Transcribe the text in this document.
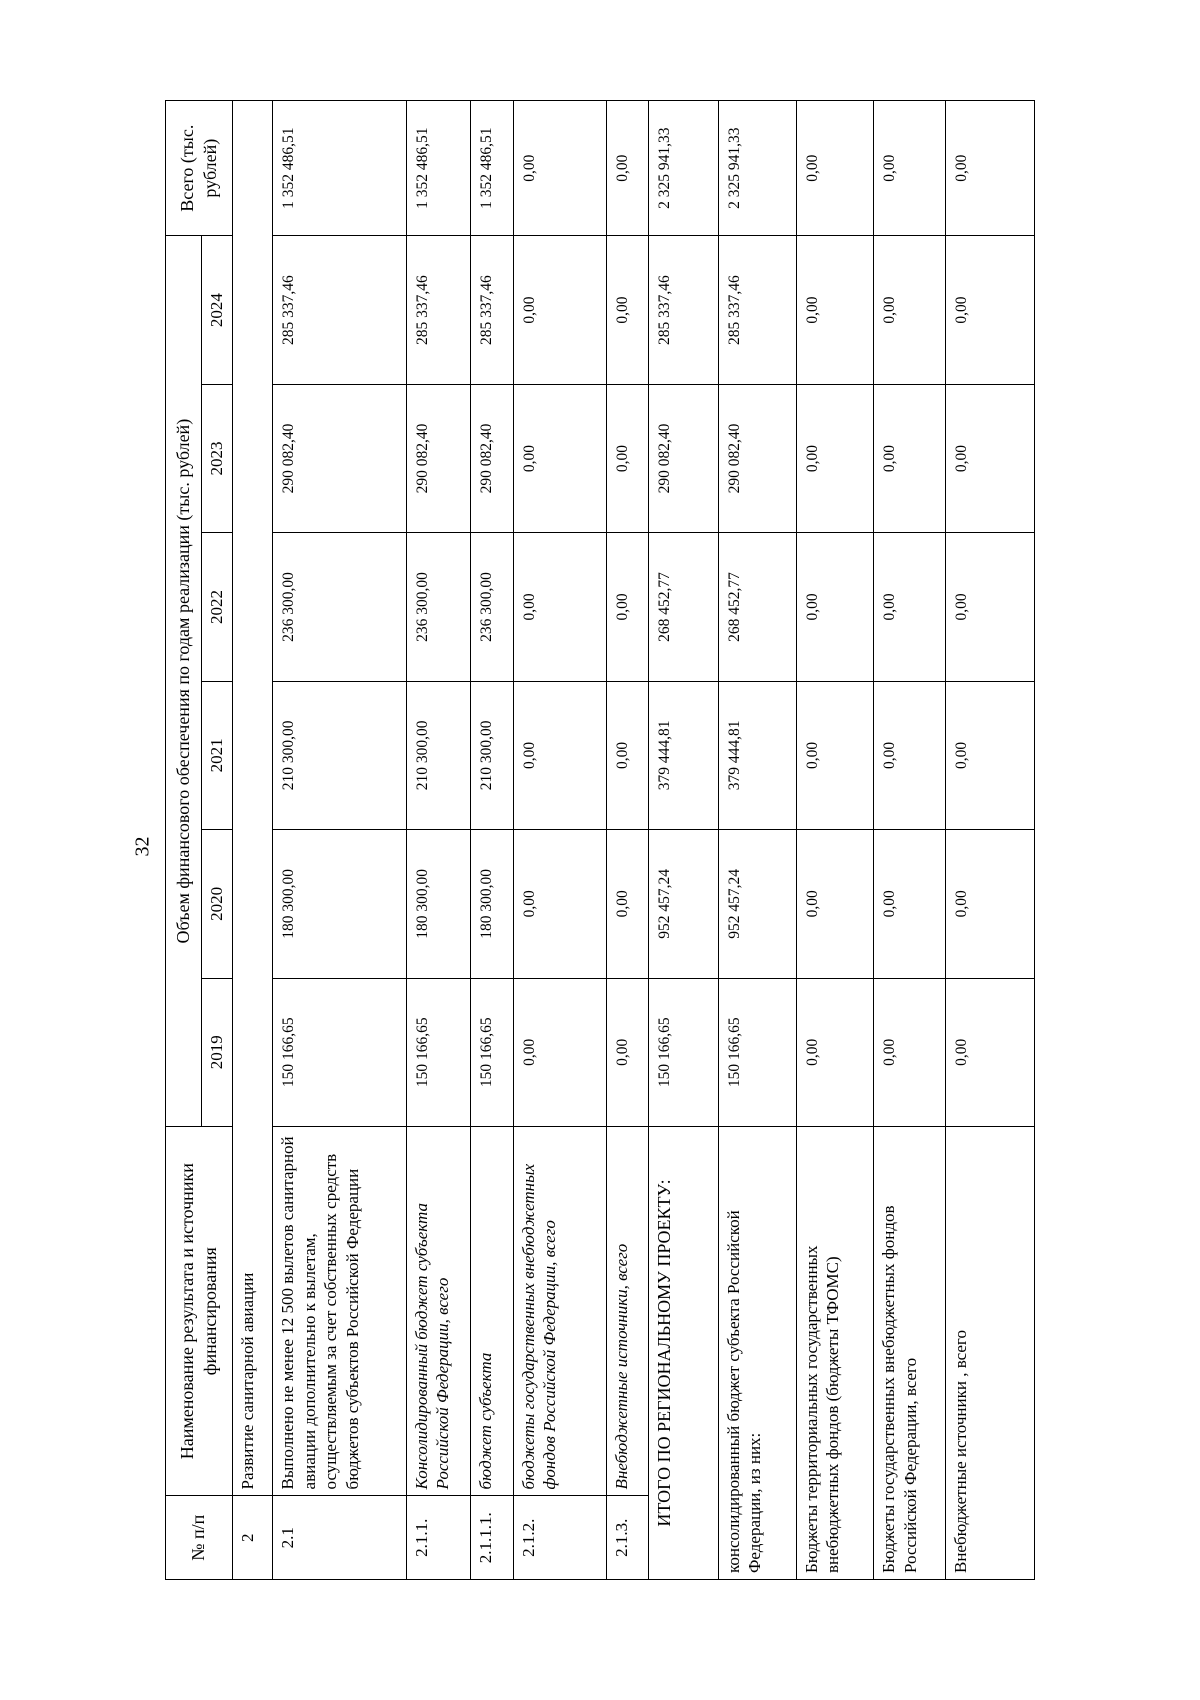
32
№ п/п	Наименование результата и источники финансирования	Объем финансового обеспечения по годам реализации (тыс. рублей)						Всего (тыс. рублей)
		2019	2020	2021	2022	2023	2024	
2	Развитие санитарной авиации							
2.1	Выполнено не менее 12 500 вылетов санитарной авиации дополнительно к вылетам, осуществляемым за счет собственных средств бюджетов субъектов Российской Федерации	150 166,65	180 300,00	210 300,00	236 300,00	290 082,40	285 337,46	1 352 486,51
2.1.1.	Консолидированный бюджет субъекта Российской Федерации, всего	150 166,65	180 300,00	210 300,00	236 300,00	290 082,40	285 337,46	1 352 486,51
2.1.1.1.	бюджет субъекта	150 166,65	180 300,00	210 300,00	236 300,00	290 082,40	285 337,46	1 352 486,51
2.1.2.	бюджеты государственных внебюджетных фондов Российской Федерации, всего	0,00	0,00	0,00	0,00	0,00	0,00	0,00
2.1.3.	Внебюджетные источники, всего	0,00	0,00	0,00	0,00	0,00	0,00	0,00
ИТОГО ПО РЕГИОНАЛЬНОМУ ПРОЕКТУ:		150 166,65	952 457,24	379 444,81	268 452,77	290 082,40	285 337,46	2 325 941,33
консолидированный бюджет субъекта Российской Федерации, из них:		150 166,65	952 457,24	379 444,81	268 452,77	290 082,40	285 337,46	2 325 941,33
Бюджеты территориальных государственных внебюджетных фондов (бюджеты ТФОМС)		0,00	0,00	0,00	0,00	0,00	0,00	0,00
Бюджеты государственных внебюджетных фондов Российской Федерации, всего		0,00	0,00	0,00	0,00	0,00	0,00	0,00
Внебюджетные источники , всего		0,00	0,00	0,00	0,00	0,00	0,00	0,00
